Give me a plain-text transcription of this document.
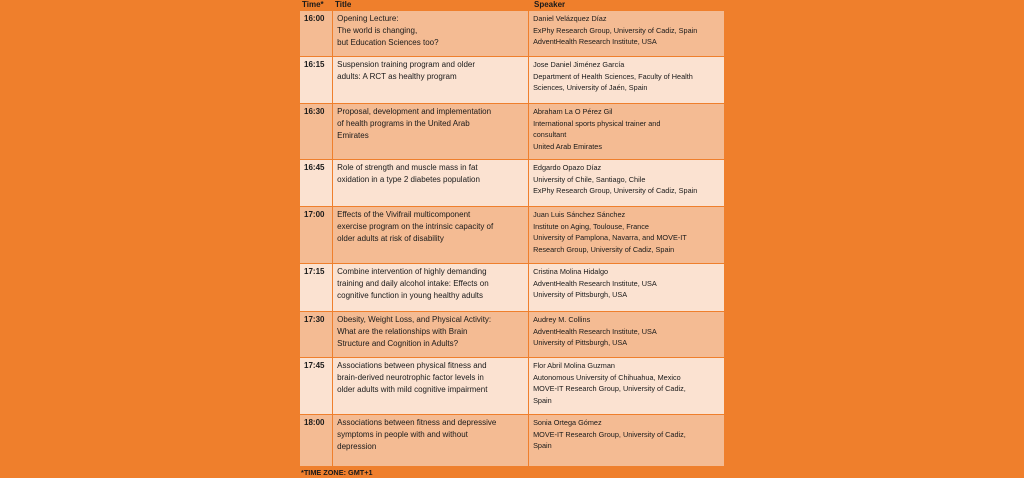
Time* Title	Speaker
16:00	Opening Lecture:
The world is changing,
but Education Sciences too?	Daniel Velázquez Díaz
ExPhy Research Group, University of Cadiz, Spain
AdventHealth Research Institute, USA

16:15	Suspension training program and older
adults: A RCT as healthy program	Jose Daniel Jiménez García
Department of Health Sciences, Faculty of Health
Sciences, University of Jaén, Spain

16:30	Proposal, development and implementation
of health programs in the United Arab
Emirates	Abraham La O Pérez Gil
International sports physical trainer and
consultant
United Arab Emirates

16:45	Role of strength and muscle mass in fat
oxidation in a type 2 diabetes population	Edgardo Opazo Díaz
University of Chile, Santiago, Chile
ExPhy Research Group, University of Cadiz, Spain

17:00	Effects of the Vivifrail multicomponent
exercise program on the intrinsic capacity of
older adults at risk of disability	Juan Luis Sánchez Sánchez
Institute on Aging, Toulouse, France
University of Pamplona, Navarra, and MOVE-IT
Research Group, University of Cadiz, Spain

17:15	Combine intervention of highly demanding
training and daily alcohol intake: Effects on
cognitive function in young healthy adults	Cristina Molina Hidalgo
AdventHealth Research Institute, USA
University of Pittsburgh, USA

17:30	Obesity, Weight Loss, and Physical Activity:
What are the relationships with Brain
Structure and Cognition in Adults?	Audrey M. Collins
AdventHealth Research Institute, USA
University of Pittsburgh, USA

17:45	Associations between physical fitness and
brain-derived neurotrophic factor levels in
older adults with mild cognitive impairment	Flor Abril Molina Guzman
Autonomous University of Chihuahua, Mexico
MOVE-IT Research Group, University of Cadiz,
Spain

18:00	Associations between fitness and depressive
symptoms in people with and without
depression	Sonia Ortega Gómez
MOVE-IT Research Group, University of Cadiz,
Spain
*TIME ZONE: GMT+1
